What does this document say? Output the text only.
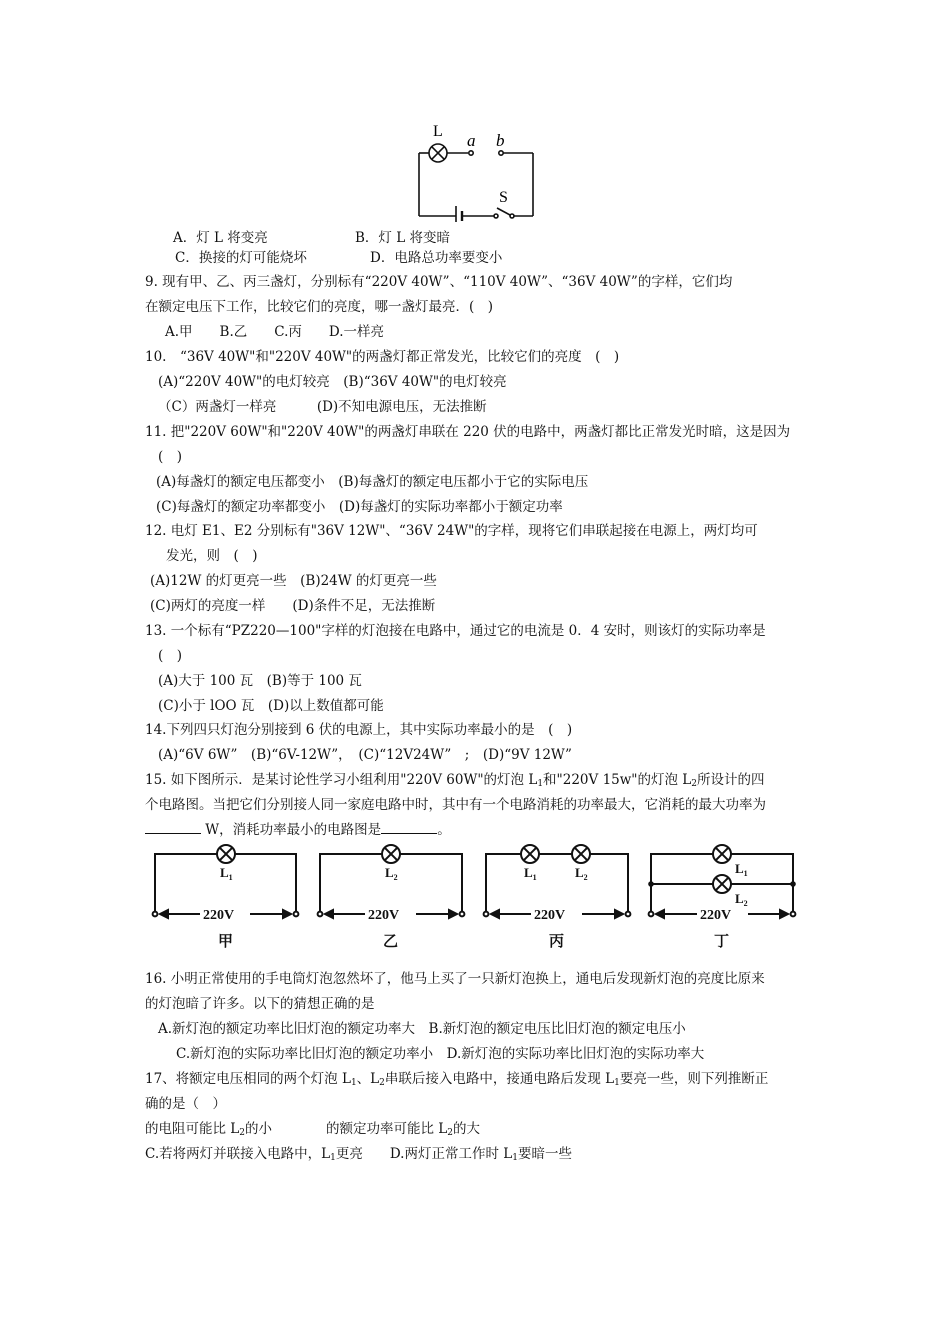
L a b
S
A．灯 L 将变亮	B．灯 L 将变暗
C．换接的灯可能烧坏	D．电路总功率要变小
9. 现有甲、乙、丙三盏灯，分别标有“220V 40W”、“110V 40W”、“36V 40W”的字样，它们均
在额定电压下工作，比较它们的亮度，哪一盏灯最亮．(　)
A.甲　　B.乙　　C.丙　　D.一样亮
10.　“36V 40W"和"220V 40W"的两盏灯都正常发光，比较它们的亮度　(　)
(A)“220V 40W"的电灯较亮　(B)“36V 40W"的电灯较亮
（C）两盏灯一样亮　　　(D)不知电源电压，无法推断
11. 把"220V 60W"和"220V 40W"的两盏灯串联在 220 伏的电路中，两盏灯都比正常发光时暗，这是因为
(　)
(A)每盏灯的额定电压都变小　(B)每盏灯的额定电压都小于它的实际电压
(C)每盏灯的额定功率都变小　(D)每盏灯的实际功率都小于额定功率
12. 电灯 E1、E2 分别标有"36V 12W"、“36V 24W"的字样，现将它们串联起接在电源上，两灯均可
发光，则　(　)
(A)12W 的灯更亮一些　(B)24W 的灯更亮一些
(C)两灯的亮度一样　　(D)条件不足，无法推断
13. 一个标有“PZ220—100"字样的灯泡接在电路中，通过它的电流是 0．4 安时，则该灯的实际功率是
(　)
(A)大于 100 瓦　(B)等于 100 瓦
(C)小于 lOO 瓦　(D)以上数值都可能
14.下列四只灯泡分别接到 6 伏的电源上，其中实际功率最小的是　(　)
(A)“6V 6W”　(B)“6V-12W”，　(C)“12V24W”　;　(D)“9V 12W”
15. 如下图所示．是某讨论性学习小组利用"220V 60W"的灯泡 $L_1$和"220V 15w"的灯泡 $L_2$所设计的四
个电路图。当把它们分别接人同一家庭电路中时，其中有一个电路消耗的功率最大，它消耗的最大功率为
W，消耗功率最小的电路图是	。
$L_1$	$L_2$	$L_1$	$L_2$
$L_1$
$L_2$
220V	220V	220V	220V
甲	乙	丙	丁
16. 小明正常使用的手电筒灯泡忽然坏了，他马上买了一只新灯泡换上，通电后发现新灯泡的亮度比原来
的灯泡暗了许多。以下的猜想正确的是
A.新灯泡的额定功率比旧灯泡的额定功率大　B.新灯泡的额定电压比旧灯泡的额定电压小
C.新灯泡的实际功率比旧灯泡的额定功率小　D.新灯泡的实际功率比旧灯泡的实际功率大
17、将额定电压相同的两个灯泡 $L_1$、$L_2$串联后接入电路中，接通电路后发现 $L_1$要亮一些，则下列推断正
确的是（　）
的电阻可能比 $L_2$的小　　　　的额定功率可能比 $L_2$的大
C.若将两灯并联接入电路中，$L_1$更亮　　D.两灯正常工作时 $L_1$要暗一些
